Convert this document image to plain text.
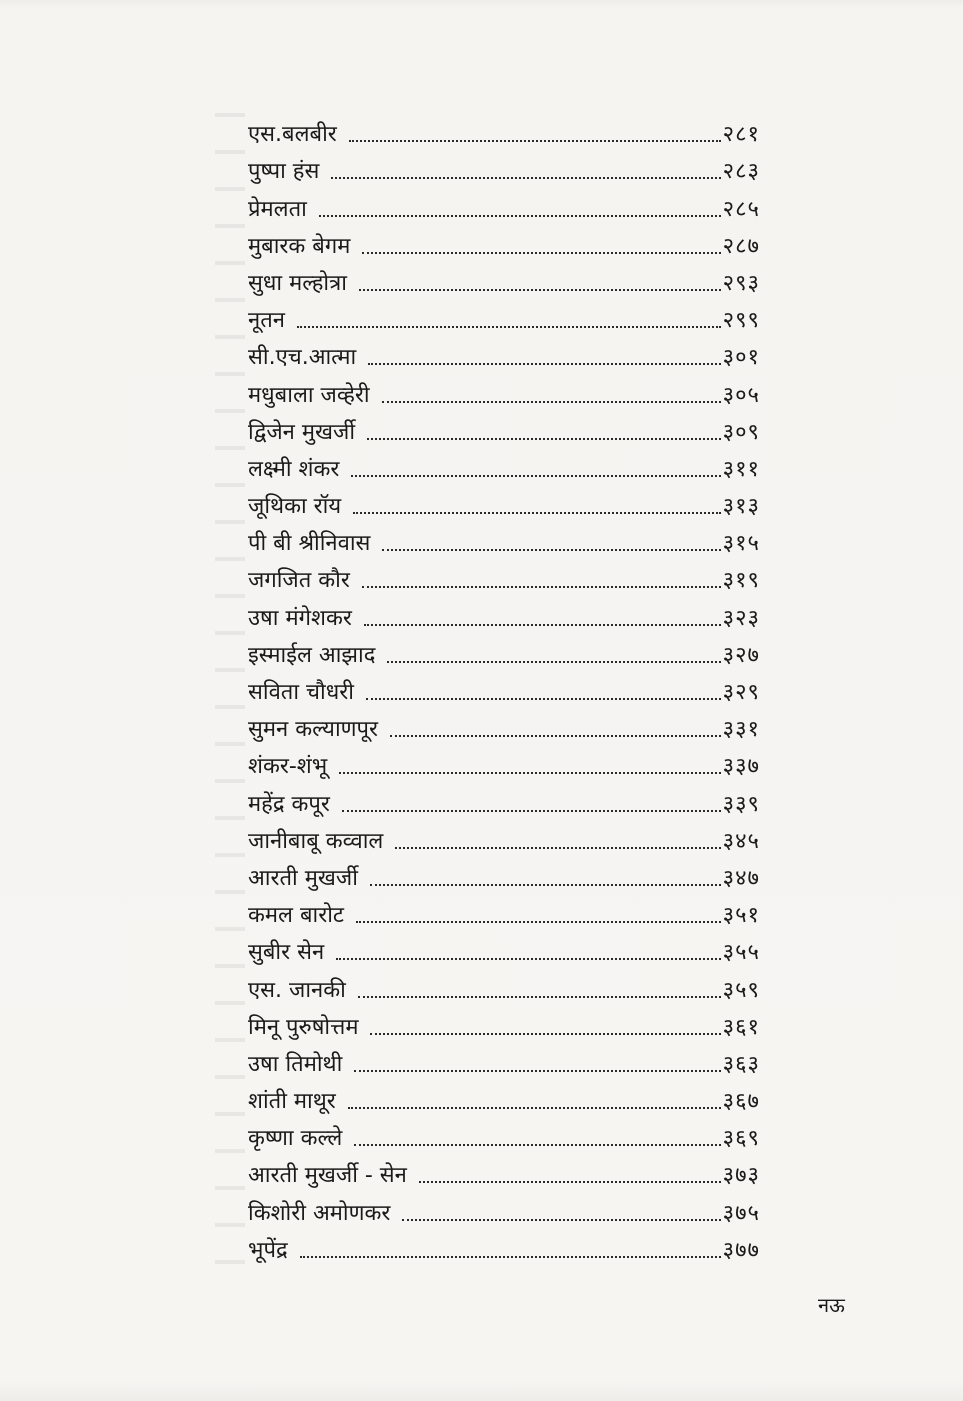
एस.बलबीर	२८१
पुष्पा हंस	२८३
प्रेमलता	२८५
मुबारक बेगम	२८७
सुधा मल्होत्रा	२९३
नूतन	२९९
सी.एच.आत्मा	३०१
मधुबाला जव्हेरी	३०५
द्विजेन मुखर्जी	३०९
लक्ष्मी शंकर	३११
जूथिका रॉय	३१३
पी बी श्रीनिवास	३१५
जगजित कौर	३१९
उषा मंगेशकर	३२३
इस्माईल आझाद	३२७
सविता चौधरी	३२९
सुमन कल्याणपूर	३३१
शंकर-शंभू	३३७
महेंद्र कपूर	३३९
जानीबाबू कव्वाल	३४५
आरती मुखर्जी	३४७
कमल बारोट	३५१
सुबीर सेन	३५५
एस. जानकी	३५९
मिनू पुरुषोत्तम	३६१
उषा तिमोथी	३६३
शांती माथूर	३६७
कृष्णा कल्ले	३६९
आरती मुखर्जी - सेन	३७३
किशोरी अमोणकर	३७५
भूपेंद्र	३७७
नऊ
